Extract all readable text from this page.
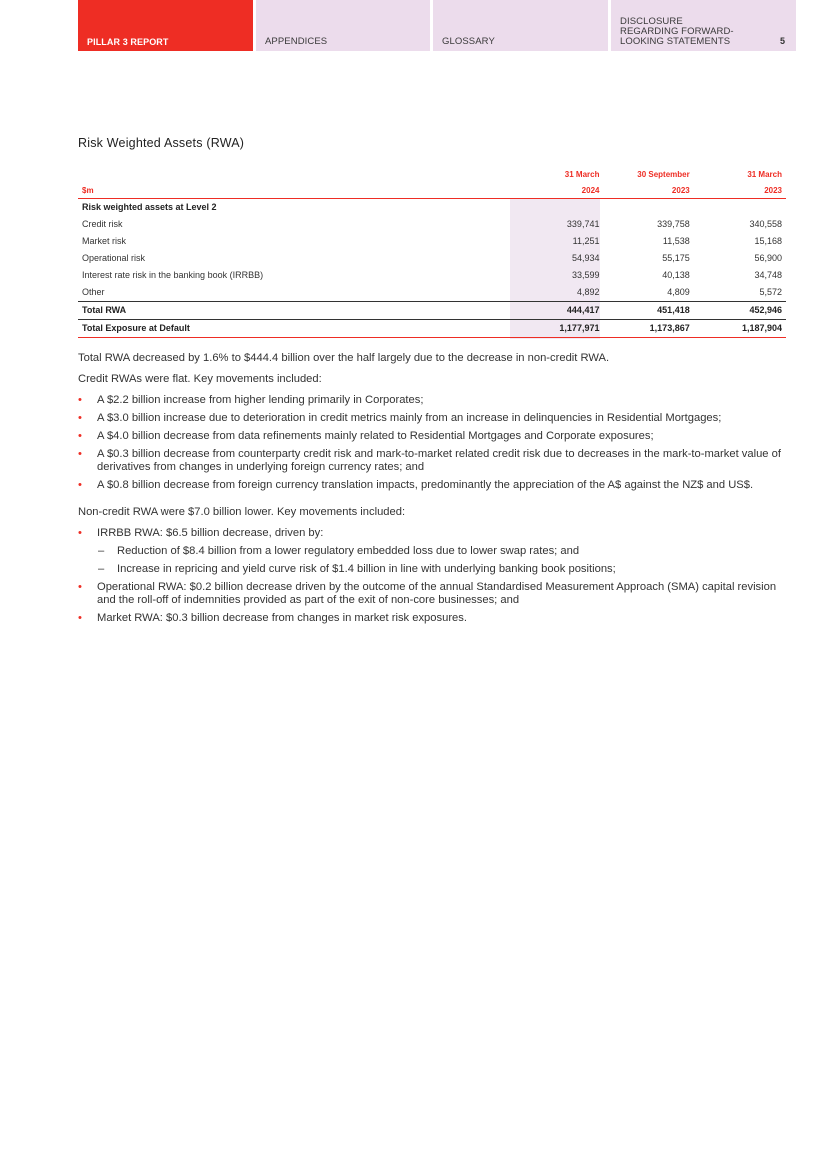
PILLAR 3 REPORT	APPENDICES	GLOSSARY
DISCLOSURE
REGARDING FORWARD-
LOOKING STATEMENTS	5
Risk Weighted Assets (RWA)
	31 March	30 September	31 March
$m	2024	2023	2023
Risk weighted assets at Level 2			
Credit risk	339,741	339,758	340,558
Market risk	11,251	11,538	15,168
Operational risk	54,934	55,175	56,900
Interest rate risk in the banking book (IRRBB)	33,599	40,138	34,748
Other	4,892	4,809	5,572
Total RWA	444,417	451,418	452,946
Total Exposure at Default	1,177,971	1,173,867	1,187,904

Total RWA decreased by 1.6% to $444.4 billion over the half largely due to the decrease in non-credit RWA.

Credit RWAs were flat. Key movements included:

• A $2.2 billion increase from higher lending primarily in Corporates;
• A $3.0 billion increase due to deterioration in credit metrics mainly from an increase in delinquencies in Residential Mortgages;
• A $4.0 billion decrease from data refinements mainly related to Residential Mortgages and Corporate exposures;
• A $0.3 billion decrease from counterparty credit risk and mark-to-market related credit risk due to decreases in the mark-to-market value of derivatives from changes in underlying foreign currency rates; and
• A $0.8 billion decrease from foreign currency translation impacts, predominantly the appreciation of the A$ against the NZ$ and US$.

Non-credit RWA were $7.0 billion lower. Key movements included:

• IRRBB RWA: $6.5 billion decrease, driven by:
– Reduction of $8.4 billion from a lower regulatory embedded loss due to lower swap rates; and
– Increase in repricing and yield curve risk of $1.4 billion in line with underlying banking book positions;
• Operational RWA: $0.2 billion decrease driven by the outcome of the annual Standardised Measurement Approach (SMA) capital revision and the roll-off of indemnities provided as part of the exit of non-core businesses; and
• Market RWA: $0.3 billion decrease from changes in market risk exposures.
